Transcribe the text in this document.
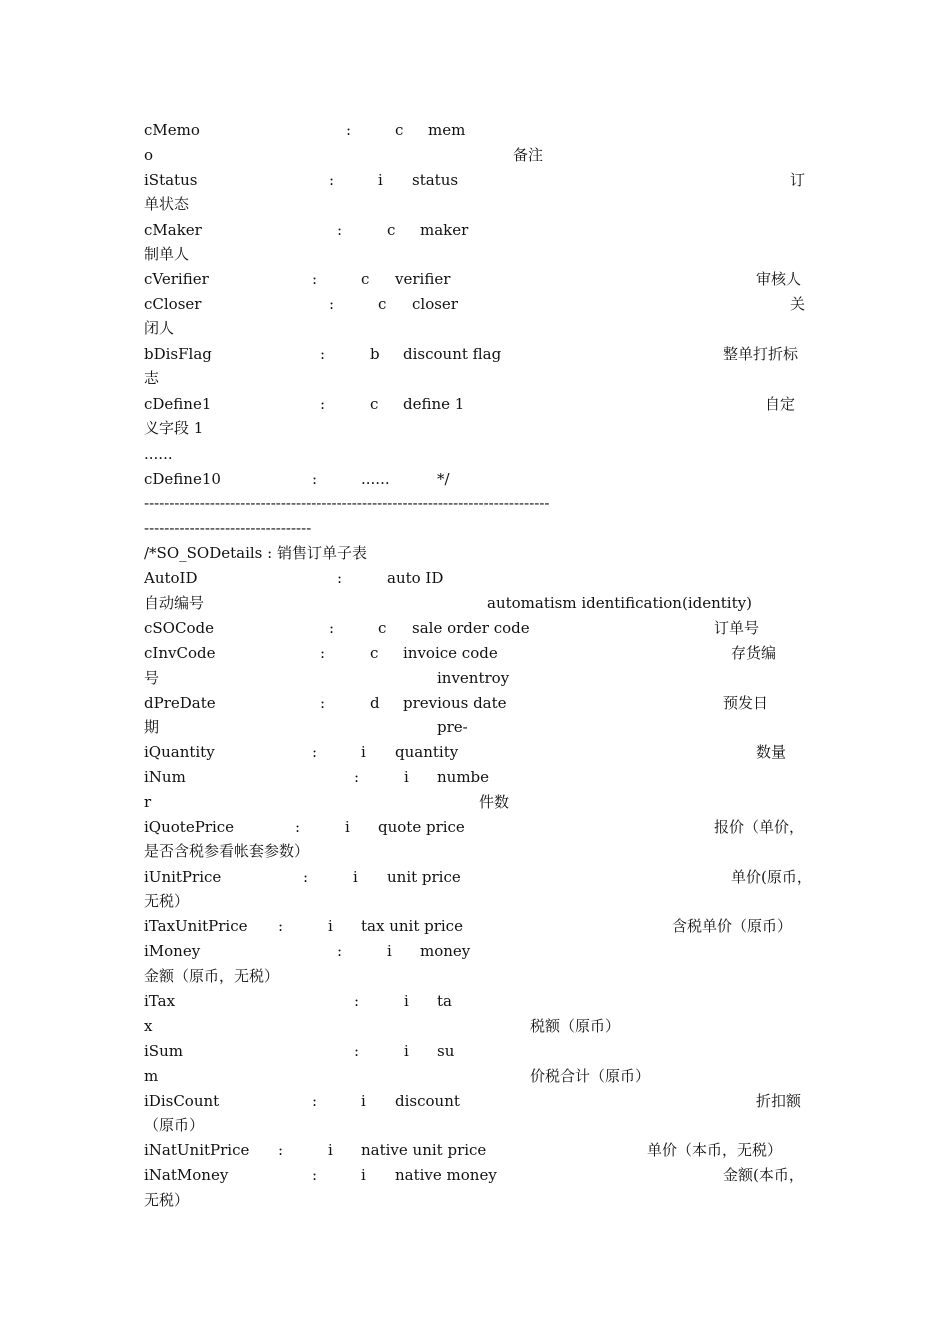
cMemo	:	c mem
o	备注
iStatus	:	i status	订
单状态
cMaker	:	c maker
制单人
cVerifier	:	c verifier	审核人
cCloser	:	c closer	关
闭人
bDisFlag	:	b discount flag	整单打折标
志
cDefine1	:	c define 1	自定
义字段 1
......
cDefine10	:	......	*/
--------------------------------------------------------------------------------
---------------------------------
/*SO_SODetails : 销售订单子表
AutoID	:	auto ID
自动编号	automatism identification(identity)
cSOCode	:	c sale order code	订单号
cInvCode	:	c invoice code	存货编
号	inventroy
dPreDate	:	d previous date	预发日
期	pre-
iQuantity	:	i quantity	数量
iNum	:	i numbe
r	件数
iQuotePrice	:	i quote price	报价（单价，
是否含税参看帐套参数）
iUnitPrice	:	i unit price	单价(原币，
无税）
iTaxUnitPrice :	i tax unit price	含税单价（原币）
iMoney	:	i money
金额（原币，无税）
iTax	:	i ta
x	税额（原币）
iSum	:	i su
m	价税合计（原币）
iDisCount	:	i discount	折扣额
（原币）
iNatUnitPrice :	i native unit price	单价（本币，无税）
iNatMoney	:	i native money	金额(本币，
无税）
